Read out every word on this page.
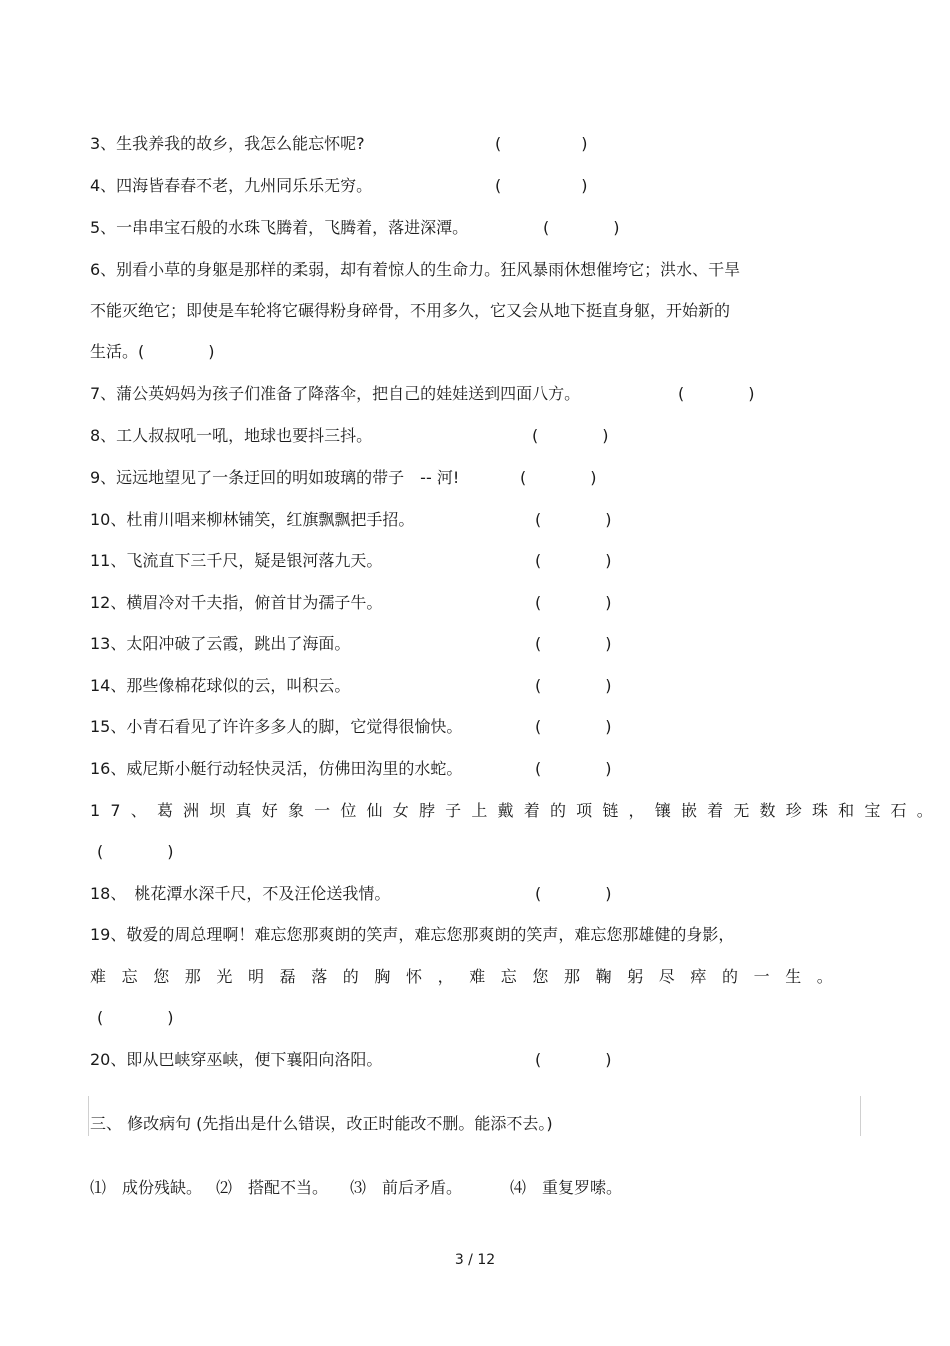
3、生我养我的故乡，我怎么能忘怀呢?	(　　　　　)
4、四海皆春春不老，九州同乐乐无穷。	(　　　　　)
5、一串串宝石般的水珠飞腾着，飞腾着，落进深潭。	(　　　　)
6、别看小草的身躯是那样的柔弱，却有着惊人的生命力。狂风暴雨休想催垮它；洪水、干旱
不能灭绝它；即使是车轮将它碾得粉身碎骨，不用多久，它又会从地下挺直身躯，开始新的
生活。(　　　　)
7、蒲公英妈妈为孩子们准备了降落伞，把自己的娃娃送到四面八方。	(　　　　)
8、工人叔叔吼一吼，地球也要抖三抖。	(　　　　)
9、远远地望见了一条迂回的明如玻璃的带子　-- 河!	(　　　　)
10、杜甫川唱来柳林铺笑，红旗飘飘把手招。	(　　　　)
11、飞流直下三千尺，疑是银河落九天。	(　　　　)
12、横眉冷对千夫指，俯首甘为孺子牛。	(　　　　)
13、太阳冲破了云霞，跳出了海面。	(　　　　)
14、那些像棉花球似的云，叫积云。	(　　　　)
15、小青石看见了许许多多人的脚，它觉得很愉快。	(　　　　)
16、威尼斯小艇行动轻快灵活，仿佛田沟里的水蛇。	(　　　　)
17、葛洲坝真好象一位仙女脖子上戴着的项链，镶嵌着无数珍珠和宝石。
(　　　　)
18、　桃花潭水深千尺，不及汪伦送我情。	(　　　　)
19、敬爱的周总理啊！难忘您那爽朗的笑声，难忘您那爽朗的笑声，难忘您那雄健的身影，
难忘您那光明磊落的胸怀，难忘您那鞠躬尽瘁的一生。
(　　　　)
20、即从巴峡穿巫峡，便下襄阳向洛阳。	(　　　　)
三、 修改病句 (先指出是什么错误，改正时能改不删。能添不去。)
⑴　成份残缺。 ⑵　搭配不当。 ⑶　前后矛盾。	⑷　重复罗嗦。
3 / 12
